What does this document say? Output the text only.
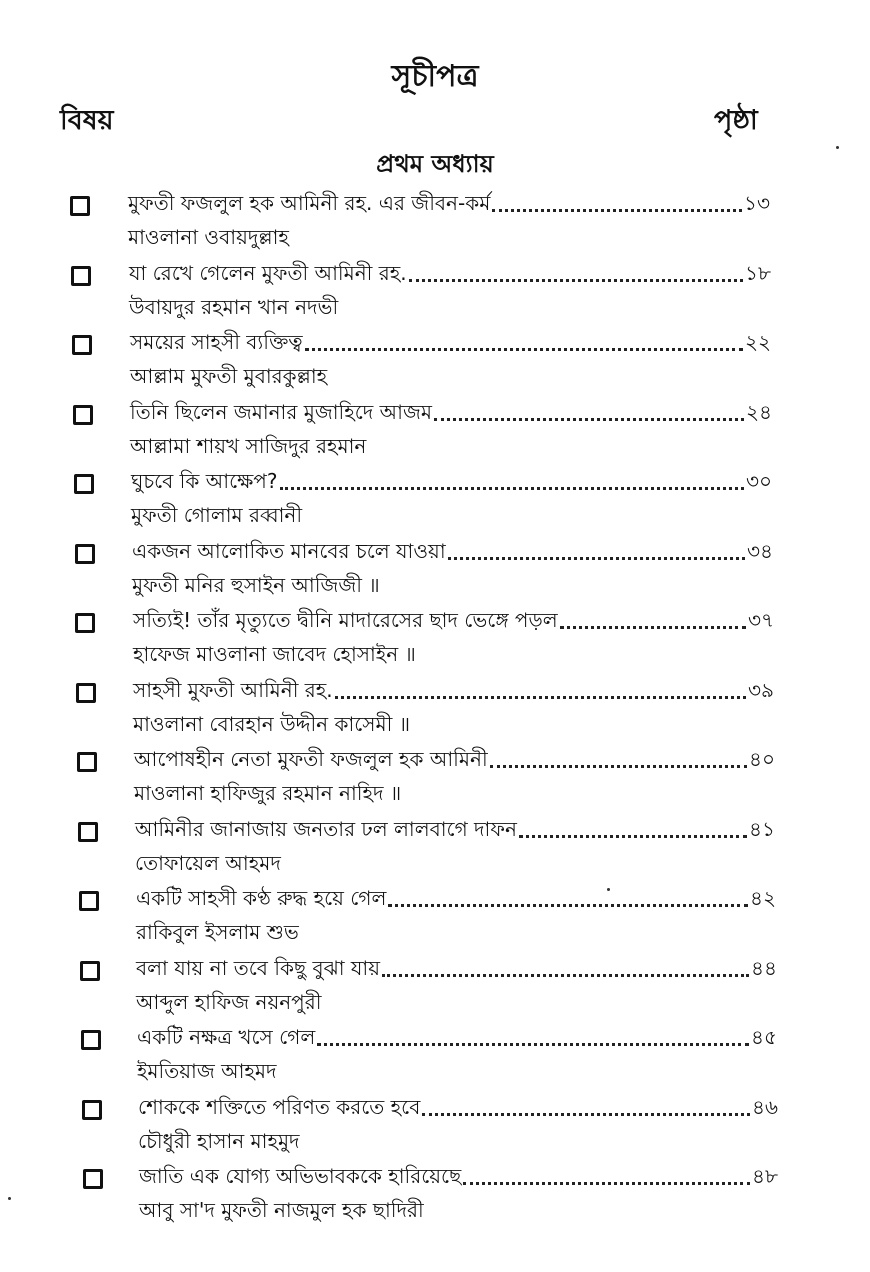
সূচীপত্র
বিষয়	পৃষ্ঠা
প্রথম অধ্যায়
মুফতী ফজলুল হক আমিনী রহ. এর জীবন-কর্ম	১৩
মাওলানা ওবায়দুল্লাহ
যা রেখে গেলেন মুফতী আমিনী রহ.	১৮
উবায়দুর রহমান খান নদভী
সময়ের সাহসী ব্যক্তিত্ব	২২
আল্লাম মুফতী মুবারকুল্লাহ
তিনি ছিলেন জমানার মুজাহিদে আজম	২৪
আল্লামা শায়খ সাজিদুর রহমান
ঘুচবে কি আক্ষেপ?	৩০
মুফতী গোলাম রব্বানী
একজন আলোকিত মানবের চলে যাওয়া	৩৪
মুফতী মনির হুসাইন আজিজী ॥
সত্যিই! তাঁর মৃত্যুতে দ্বীনি মাদারেসের ছাদ ভেঙ্গে পড়ল	৩৭
হাফেজ মাওলানা জাবেদ হোসাইন ॥
সাহসী মুফতী আমিনী রহ.	৩৯
মাওলানা বোরহান উদ্দীন কাসেমী ॥
আপোষহীন নেতা মুফতী ফজলুল হক আমিনী	৪০
মাওলানা হাফিজুর রহমান নাহিদ ॥
আমিনীর জানাজায় জনতার ঢল লালবাগে দাফন	৪১
তোফায়েল আহমদ
একটি সাহসী কণ্ঠ রুদ্ধ হয়ে গেল	৪২
রাকিবুল ইসলাম শুভ
বলা যায় না তবে কিছু বুঝা যায়	৪৪
আব্দুল হাফিজ নয়নপুরী
একটি নক্ষত্র খসে গেল	৪৫
ইমতিয়াজ আহমদ
শোককে শক্তিতে পরিণত করতে হবে	৪৬
চৌধুরী হাসান মাহমুদ
জাতি এক যোগ্য অভিভাবককে হারিয়েছে	৪৮
আবু সা'দ মুফতী নাজমুল হক ছাদিরী
